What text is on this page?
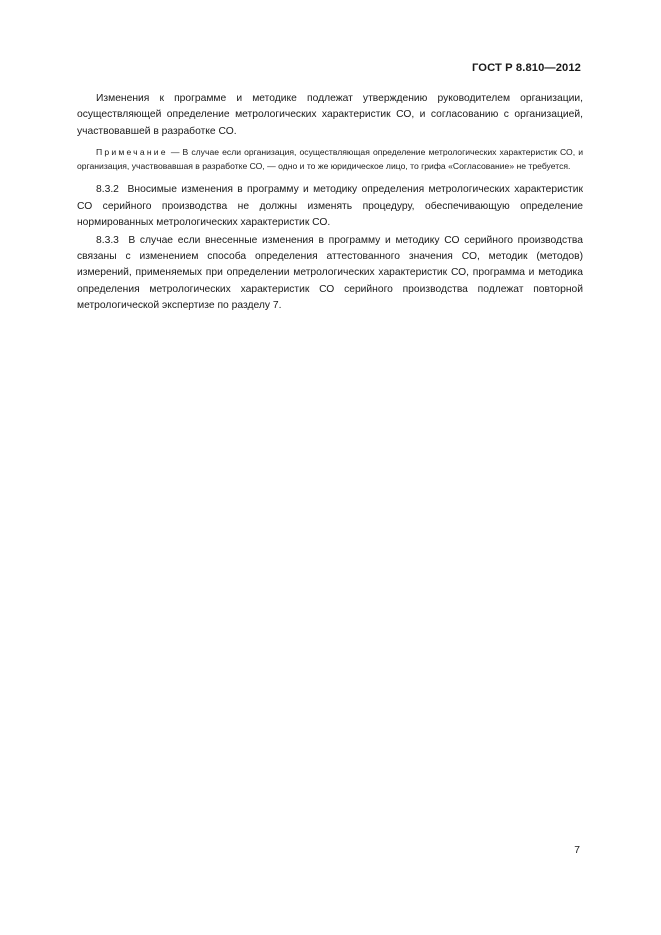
ГОСТ Р 8.810—2012

Изменения к программе и методике подлежат утверждению руководителем организации, осуществляющей определение метрологических характеристик СО, и согласованию с организацией, участвовавшей в разработке СО.

Примечание — В случае если организация, осуществляющая определение метрологических характеристик СО, и организация, участвовавшая в разработке СО, — одно и то же юридическое лицо, то грифа «Согласование» не требуется.

8.3.2 Вносимые изменения в программу и методику определения метрологических характеристик СО серийного производства не должны изменять процедуру, обеспечивающую определение нормированных метрологических характеристик СО.

8.3.3 В случае если внесенные изменения в программу и методику СО серийного производства связаны с изменением способа определения аттестованного значения СО, методик (методов) измерений, применяемых при определении метрологических характеристик СО, программа и методика определения метрологических характеристик СО серийного производства подлежат повторной метрологической экспертизе по разделу 7.

7
